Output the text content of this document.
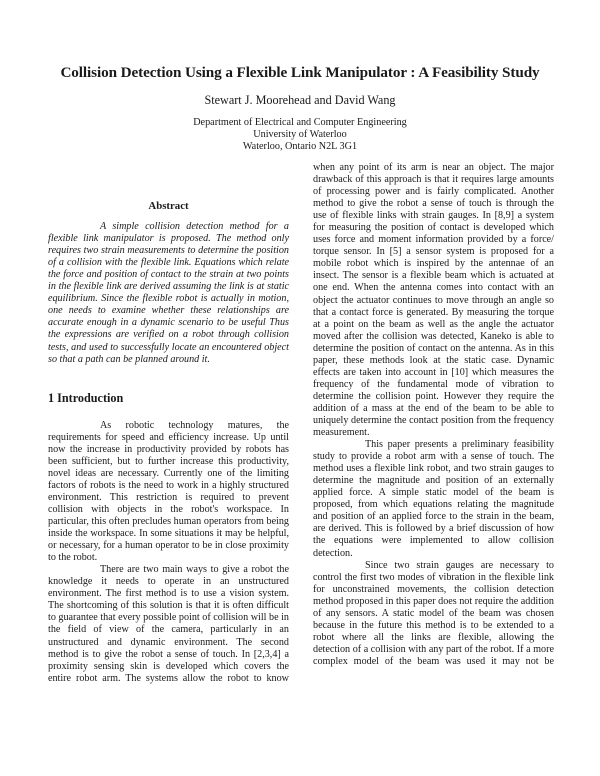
Collision Detection Using a Flexible Link Manipulator : A Feasibility Study
Stewart J. Moorehead and David Wang
Department of Electrical and Computer Engineering
University of Waterloo
Waterloo, Ontario N2L 3G1
Abstract

A simple collision detection method for a flexible link manipulator is proposed. The method only requires two strain measurements to determine the position of a collision with the flexible link. Equations which relate the force and position of contact to the strain at two points in the flexible link are derived assuming the link is at static equilibrium. Since the flexible robot is actually in motion, one needs to examine whether these relationships are accurate enough in a dynamic scenario to be useful Thus the expressions are verified on a robot through collision tests, and used to successfully locate an encountered object so that a path can be planned around it.

1 Introduction

As robotic technology matures, the requirements for speed and efficiency increase. Up until now the increase in productivity provided by robots has been sufficient, but to further increase this productivity, novel ideas are necessary. Currently one of the limiting factors of robots is the need to work in a highly structured environment. This restriction is required to prevent collision with objects in the robot's workspace. In particular, this often precludes human operators from being inside the workspace. In some situations it may be helpful, or necessary, for a human operator to be in close proximity to the robot.

There are two main ways to give a robot the knowledge it needs to operate in an unstructured environment. The first method is to use a vision system. The shortcoming of this solution is that it is often difficult to guarantee that every possible point of collision will be in the field of view of the camera, particularly in an unstructured and dynamic environment. The second method is to give the robot a sense of touch. In [2,3,4] a proximity sensing skin is developed which covers the entire robot arm. The systems allow the robot to know

when any point of its arm is near an object. The major drawback of this approach is that it requires large amounts of processing power and is fairly complicated. Another method to give the robot a sense of touch is through the use of flexible links with strain gauges. In [8,9] a system for measuring the position of contact is developed which uses force and moment information provided by a force/ torque sensor. In [5] a sensor system is proposed for a mobile robot which is inspired by the antennae of an insect. The sensor is a flexible beam which is actuated at one end. When the antenna comes into contact with an object the actuator continues to move through an angle so that a contact force is generated. By measuring the torque at a point on the beam as well as the angle the actuator moved after the collision was detected, Kaneko is able to determine the position of contact on the antenna. As in this paper, these methods look at the static case. Dynamic effects are taken into account in [10] which measures the frequency of the fundamental mode of vibration to determine the collision point. However they require the addition of a mass at the end of the beam to be able to uniquely determine the contact position from the frequency measurement.

This paper presents a preliminary feasibility study to provide a robot arm with a sense of touch. The method uses a flexible link robot, and two strain gauges to determine the magnitude and position of an externally applied force. A simple static model of the beam is proposed, from which equations relating the magnitude and position of an applied force to the strain in the beam, are derived. This is followed by a brief discussion of how the equations were implemented to allow collision detection.

Since two strain gauges are necessary to control the first two modes of vibration in the flexible link for unconstrained movements, the collision detection method proposed in this paper does not require the addition of any sensors. A static model of the beam was chosen because in the future this method is to be extended to a robot where all the links are flexible, allowing the detection of a collision with any part of the robot. If a more complex model of the beam was used it may not be
